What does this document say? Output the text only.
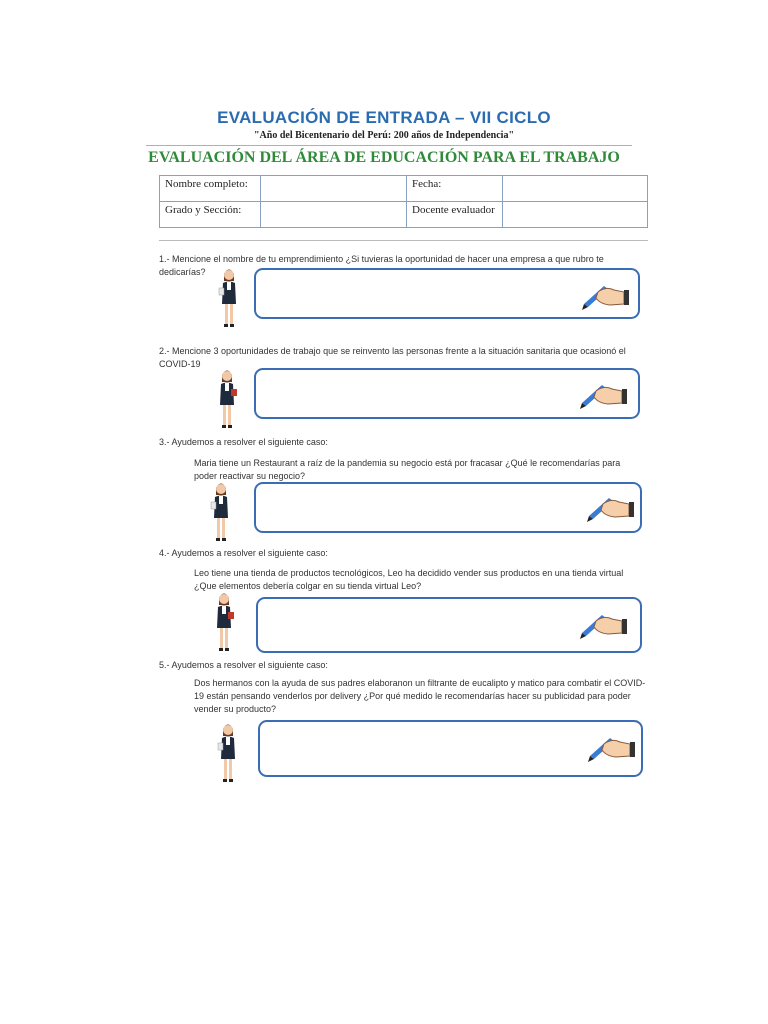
EVALUACIÓN DE ENTRADA – VII CICLO
"Año del Bicentenario del Perú: 200 años de Independencia"
EVALUACIÓN DEL ÁREA DE EDUCACIÓN PARA EL TRABAJO
Nombre completo:		Fecha:	
Grado y Sección:		Docente evaluador	
1.- Mencione el nombre de tu emprendimiento ¿Si tuvieras la oportunidad de hacer una empresa a que rubro te dedicarías?
2.- Mencione 3 oportunidades de trabajo que se reinvento las personas frente a la situación sanitaria que ocasionó el COVID-19
3.- Ayudemos a resolver el siguiente caso:
Maria tiene un Restaurant a raíz de la pandemia su negocio está por fracasar ¿Qué le recomendarías para poder reactivar su negocio?
4.- Ayudemos a resolver el siguiente caso:
Leo tiene una tienda de productos tecnológicos, Leo ha decidido vender sus productos en una tienda virtual ¿Que elementos debería colgar en su tienda virtual Leo?
5.- Ayudemos a resolver el siguiente caso:
Dos hermanos con la ayuda de sus padres elaboranon un filtrante de eucalipto y matico para combatir el COVID-19 están pensando venderlos por delivery ¿Por qué medido le recomendarías hacer su publicidad para poder vender su producto?
